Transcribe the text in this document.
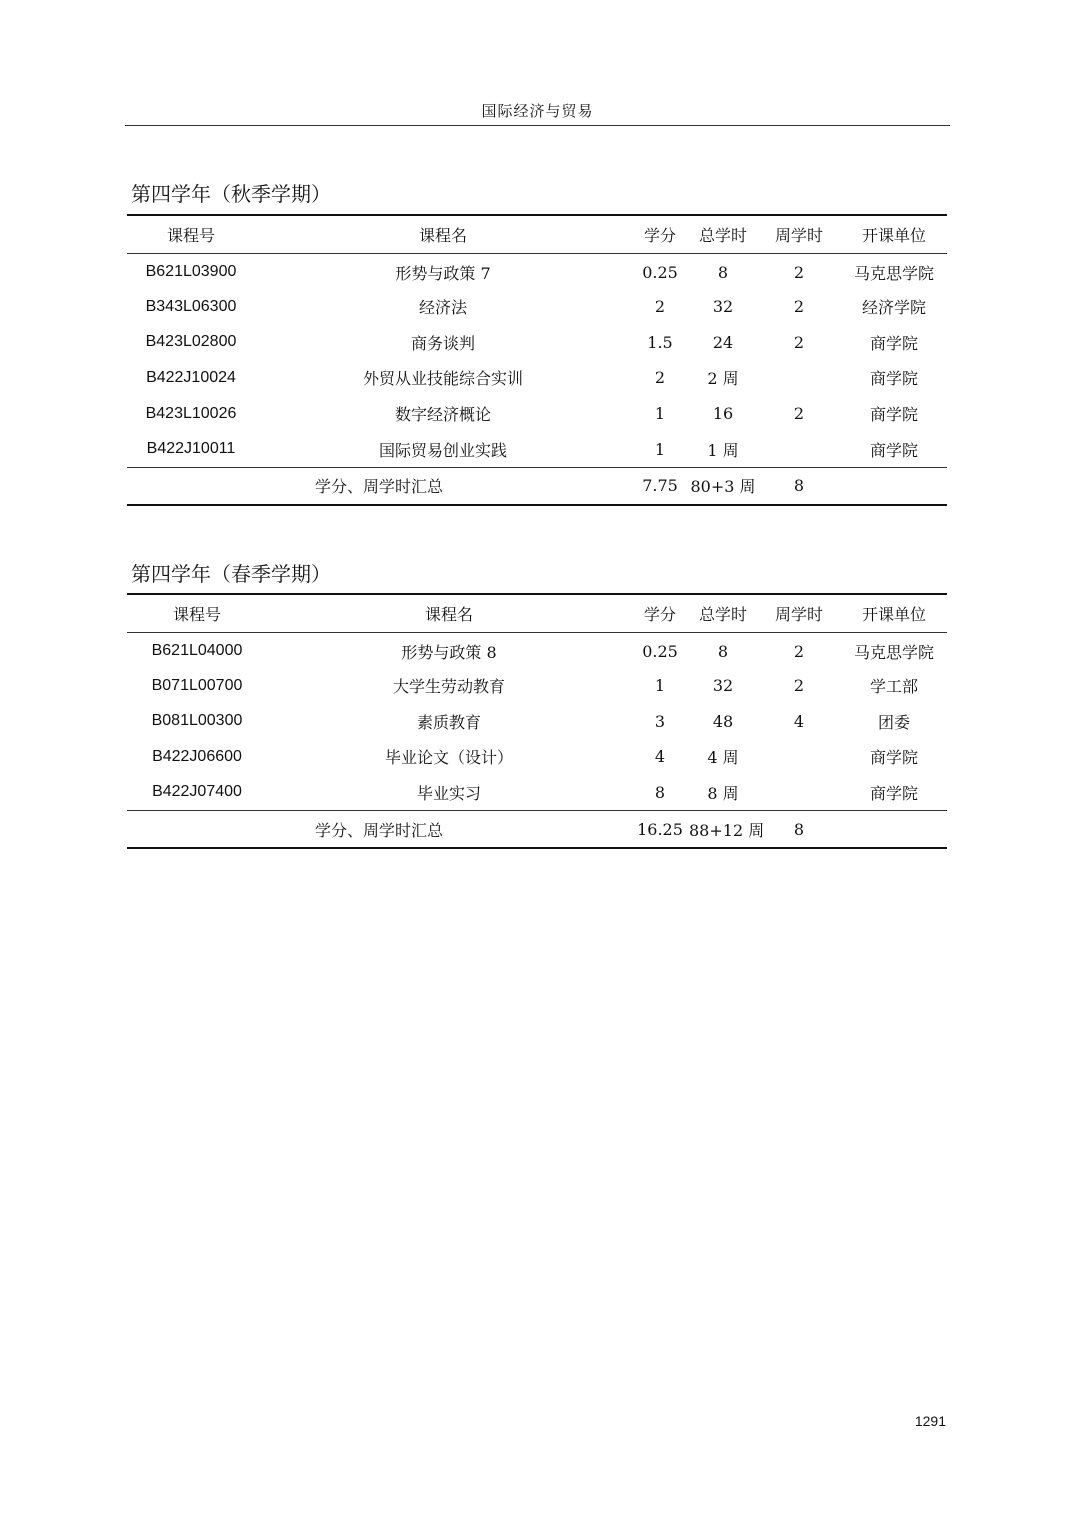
国际经济与贸易
第四学年（秋季学期）
课程号	课程名	学分	总学时	周学时	开课单位
B621L03900	形势与政策 7	0.25	8	2	马克思学院
B343L06300	经济法	2	32	2	经济学院
B423L02800	商务谈判	1.5	24	2	商学院
B422J10024	外贸从业技能综合实训	2	2 周		商学院
B423L10026	数字经济概论	1	16	2	商学院
B422J10011	国际贸易创业实践	1	1 周		商学院
学分、周学时汇总		7.75	80+3 周	8	
第四学年（春季学期）
课程号	课程名	学分	总学时	周学时	开课单位
B621L04000	形势与政策 8	0.25	8	2	马克思学院
B071L00700	大学生劳动教育	1	32	2	学工部
B081L00300	素质教育	3	48	4	团委
B422J06600	毕业论文（设计）	4	4 周		商学院
B422J07400	毕业实习	8	8 周		商学院
学分、周学时汇总		16.25	88+12 周	8	
1291
